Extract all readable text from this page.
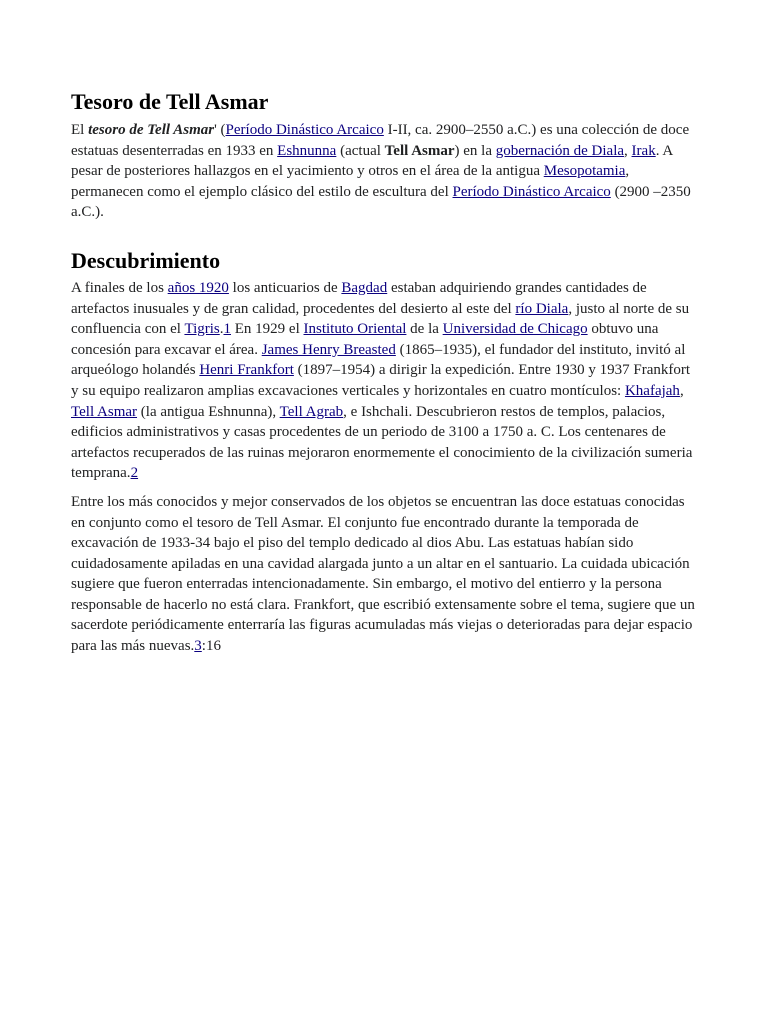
Tesoro de Tell Asmar

El tesoro de Tell Asmar' (Período Dinástico Arcaico I-II, ca. 2900–2550 a.C.) es una colección de doce estatuas desenterradas en 1933 en Eshnunna (actual Tell Asmar) en la gobernación de Diala, Irak. A pesar de posteriores hallazgos en el yacimiento y otros en el área de la antigua Mesopotamia, permanecen como el ejemplo clásico del estilo de escultura del Período Dinástico Arcaico (2900 –2350 a.C.).

Descubrimiento

A finales de los años 1920 los anticuarios de Bagdad estaban adquiriendo grandes cantidades de artefactos inusuales y de gran calidad, procedentes del desierto al este del río Diala, justo al norte de su confluencia con el Tigris.1 En 1929 el Instituto Oriental de la Universidad de Chicago obtuvo una concesión para excavar el área. James Henry Breasted (1865–1935), el fundador del instituto, invitó al arqueólogo holandés Henri Frankfort (1897–1954) a dirigir la expedición. Entre 1930 y 1937 Frankfort y su equipo realizaron amplias excavaciones verticales y horizontales en cuatro montículos: Khafajah, Tell Asmar (la antigua Eshnunna), Tell Agrab, e Ishchali. Descubrieron restos de templos, palacios, edificios administrativos y casas procedentes de un periodo de 3100 a 1750 a. C. Los centenares de artefactos recuperados de las ruinas mejoraron enormemente el conocimiento de la civilización sumeria temprana.2

Entre los más conocidos y mejor conservados de los objetos se encuentran las doce estatuas conocidas en conjunto como el tesoro de Tell Asmar. El conjunto fue encontrado durante la temporada de excavación de 1933-34 bajo el piso del templo dedicado al dios Abu. Las estatuas habían sido cuidadosamente apiladas en una cavidad alargada junto a un altar en el santuario. La cuidada ubicación sugiere que fueron enterradas intencionadamente. Sin embargo, el motivo del entierro y la persona responsable de hacerlo no está clara. Frankfort, que escribió extensamente sobre el tema, sugiere que un sacerdote periódicamente enterraría las figuras acumuladas más viejas o deterioradas para dejar espacio para las más nuevas.3:16
